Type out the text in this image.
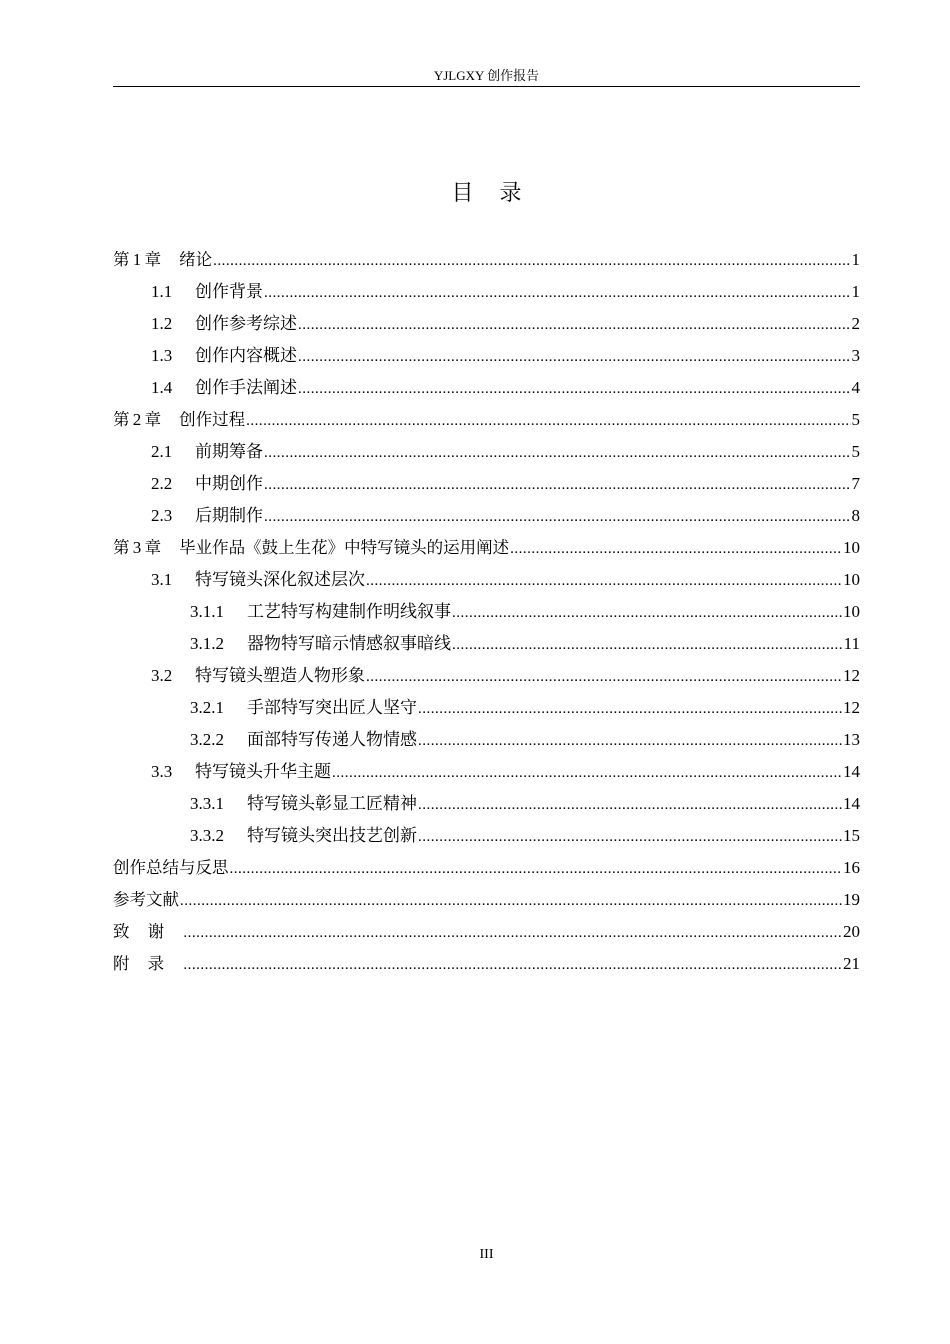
YJLGXY 创作报告
目 录
第  1  章 绪论 .....	1
1.1	创作背景 .....	1
1.2	创作参考综述 .....	2
1.3	创作内容概述 .....	3
1.4	创作手法阐述 .....	4
第  2  章 创作过程 .....	5
2.1	前期筹备 .....	5
2.2	中期创作 .....	7
2.3	后期制作 .....	8
第  3  章 毕业作品《鼓上生花》中特写镜头的运用阐述 .....	10
3.1	特写镜头深化叙述层次 .....	10
3.1.1	工艺特写构建制作明线叙事 .....	10
3.1.2	器物特写暗示情感叙事暗线 .....	11
3.2	特写镜头塑造人物形象 .....	12
3.2.1	手部特写突出匠人坚守 .....	12
3.2.2	面部特写传递人物情感 .....	13
3.3	特写镜头升华主题 .....	14
3.3.1	特写镜头彰显工匠精神 .....	14
3.3.2	特写镜头突出技艺创新 .....	15
创作总结与反思 .....	16
参考文献 .....	19
致谢 .....	20
附录 .....	21
III
